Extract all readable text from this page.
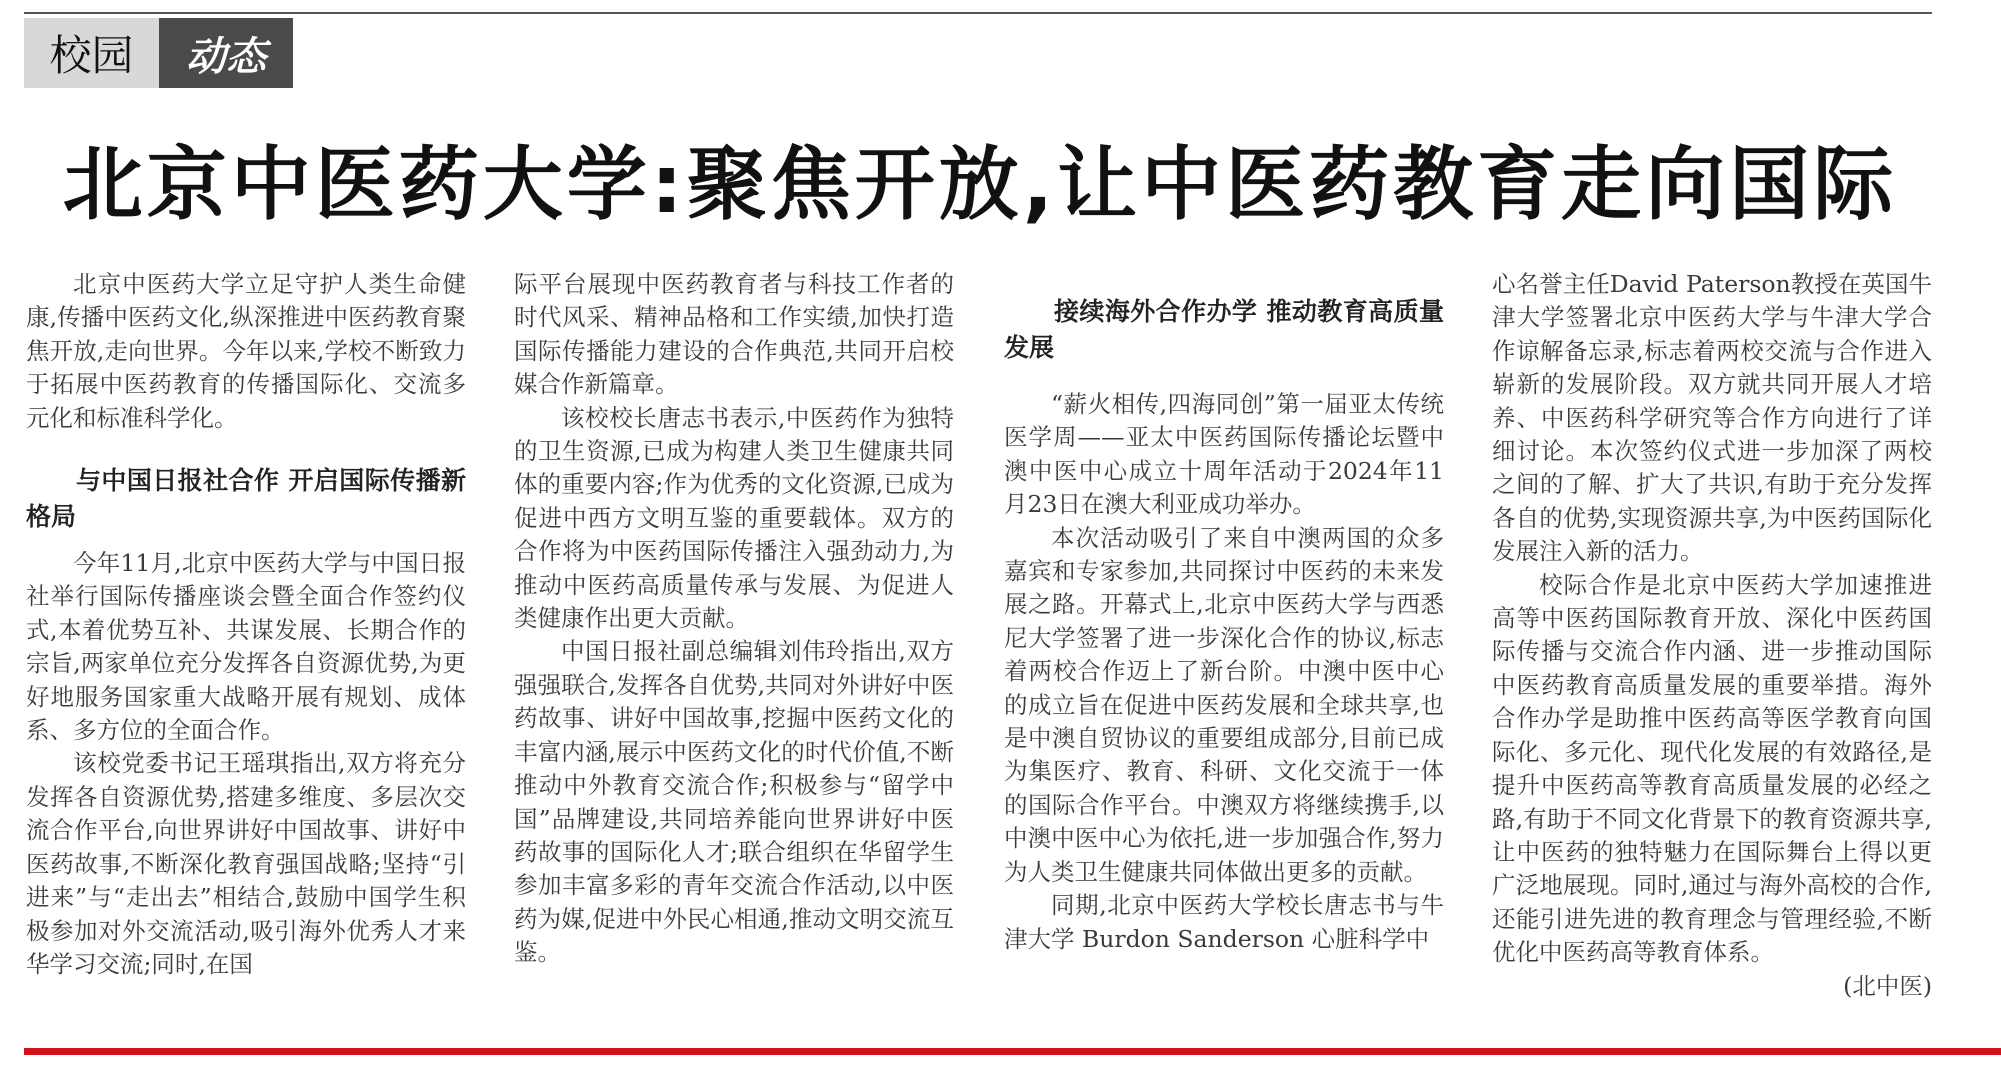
校园	动态
北京中医药大学:聚焦开放,让中医药教育走向国际

北京中医药大学立足守护人类生命健康,传播中医药文化,纵深推进中医药教育聚焦开放,走向世界。今年以来,学校不断致力于拓展中医药教育的传播国际化、交流多元化和标准科学化。

与中国日报社合作 开启国际传播新格局

今年11月,北京中医药大学与中国日报社举行国际传播座谈会暨全面合作签约仪式,本着优势互补、共谋发展、长期合作的宗旨,两家单位充分发挥各自资源优势,为更好地服务国家重大战略开展有规划、成体系、多方位的全面合作。

该校党委书记王瑶琪指出,双方将充分发挥各自资源优势,搭建多维度、多层次交流合作平台,向世界讲好中国故事、讲好中医药故事,不断深化教育强国战略;坚持“引进来”与“走出去”相结合,鼓励中国学生积极参加对外交流活动,吸引海外优秀人才来华学习交流;同时,在国

际平台展现中医药教育者与科技工作者的时代风采、精神品格和工作实绩,加快打造国际传播能力建设的合作典范,共同开启校媒合作新篇章。

该校校长唐志书表示,中医药作为独特的卫生资源,已成为构建人类卫生健康共同体的重要内容;作为优秀的文化资源,已成为促进中西方文明互鉴的重要载体。双方的合作将为中医药国际传播注入强劲动力,为推动中医药高质量传承与发展、为促进人类健康作出更大贡献。

中国日报社副总编辑刘伟玲指出,双方强强联合,发挥各自优势,共同对外讲好中医药故事、讲好中国故事,挖掘中医药文化的丰富内涵,展示中医药文化的时代价值,不断推动中外教育交流合作;积极参与“留学中国”品牌建设,共同培养能向世界讲好中医药故事的国际化人才;联合组织在华留学生参加丰富多彩的青年交流合作活动,以中医药为媒,促进中外民心相通,推动文明交流互鉴。

接续海外合作办学 推动教育高质量发展

“薪火相传,四海同创”第一届亚太传统医学周——亚太中医药国际传播论坛暨中澳中医中心成立十周年活动于2024年11月23日在澳大利亚成功举办。

本次活动吸引了来自中澳两国的众多嘉宾和专家参加,共同探讨中医药的未来发展之路。开幕式上,北京中医药大学与西悉尼大学签署了进一步深化合作的协议,标志着两校合作迈上了新台阶。中澳中医中心的成立旨在促进中医药发展和全球共享,也是中澳自贸协议的重要组成部分,目前已成为集医疗、教育、科研、文化交流于一体的国际合作平台。中澳双方将继续携手,以中澳中医中心为依托,进一步加强合作,努力为人类卫生健康共同体做出更多的贡献。

同期,北京中医药大学校长唐志书与牛津大学 Burdon Sanderson 心脏科学中

心名誉主任David Paterson教授在英国牛津大学签署北京中医药大学与牛津大学合作谅解备忘录,标志着两校交流与合作进入崭新的发展阶段。双方就共同开展人才培养、中医药科学研究等合作方向进行了详细讨论。本次签约仪式进一步加深了两校之间的了解、扩大了共识,有助于充分发挥各自的优势,实现资源共享,为中医药国际化发展注入新的活力。

校际合作是北京中医药大学加速推进高等中医药国际教育开放、深化中医药国际传播与交流合作内涵、进一步推动国际中医药教育高质量发展的重要举措。海外合作办学是助推中医药高等医学教育向国际化、多元化、现代化发展的有效路径,是提升中医药高等教育高质量发展的必经之路,有助于不同文化背景下的教育资源共享,让中医药的独特魅力在国际舞台上得以更广泛地展现。同时,通过与海外高校的合作,还能引进先进的教育理念与管理经验,不断优化中医药高等教育体系。

(北中医)
